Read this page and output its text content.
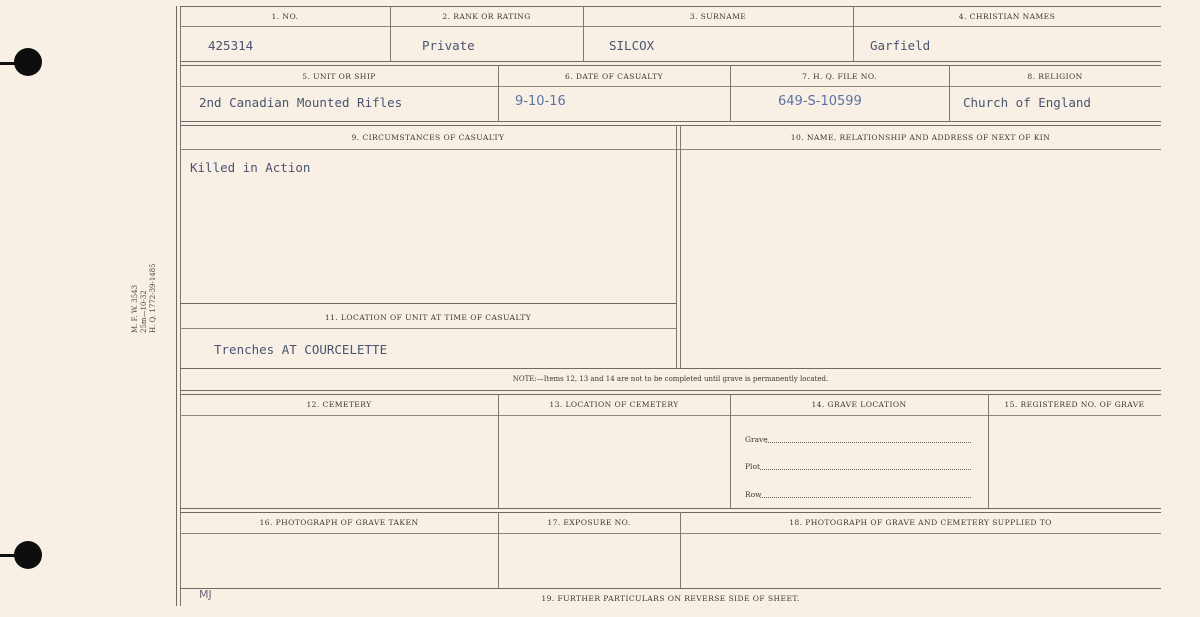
M. F. W. 3543 25m—10-32 H. Q. 1772-39-1485
1. NO.	2. RANK OR RATING	3. SURNAME	4. CHRISTIAN NAMES
425314	Private	SILCOX	Garfield
5. UNIT OR SHIP	6. DATE OF CASUALTY	7. H. Q. FILE NO.	8. RELIGION
2nd Canadian Mounted Rifles	9-10-16	649-S-10599	Church of England
9. CIRCUMSTANCES OF CASUALTY	10. NAME, RELATIONSHIP AND ADDRESS OF NEXT OF KIN
Killed in Action
11. LOCATION OF UNIT AT TIME OF CASUALTY
Trenches AT COURCELETTE
NOTE:—Items 12, 13 and 14 are not to be completed until grave is permanently located.
12. CEMETERY	13. LOCATION OF CEMETERY	14. GRAVE LOCATION	15. REGISTERED NO. OF GRAVE
Grave
Plot
Row
16. PHOTOGRAPH OF GRAVE TAKEN	17. EXPOSURE NO.	18. PHOTOGRAPH OF GRAVE AND CEMETERY SUPPLIED TO
MJ	19. FURTHER PARTICULARS ON REVERSE SIDE OF SHEET.
